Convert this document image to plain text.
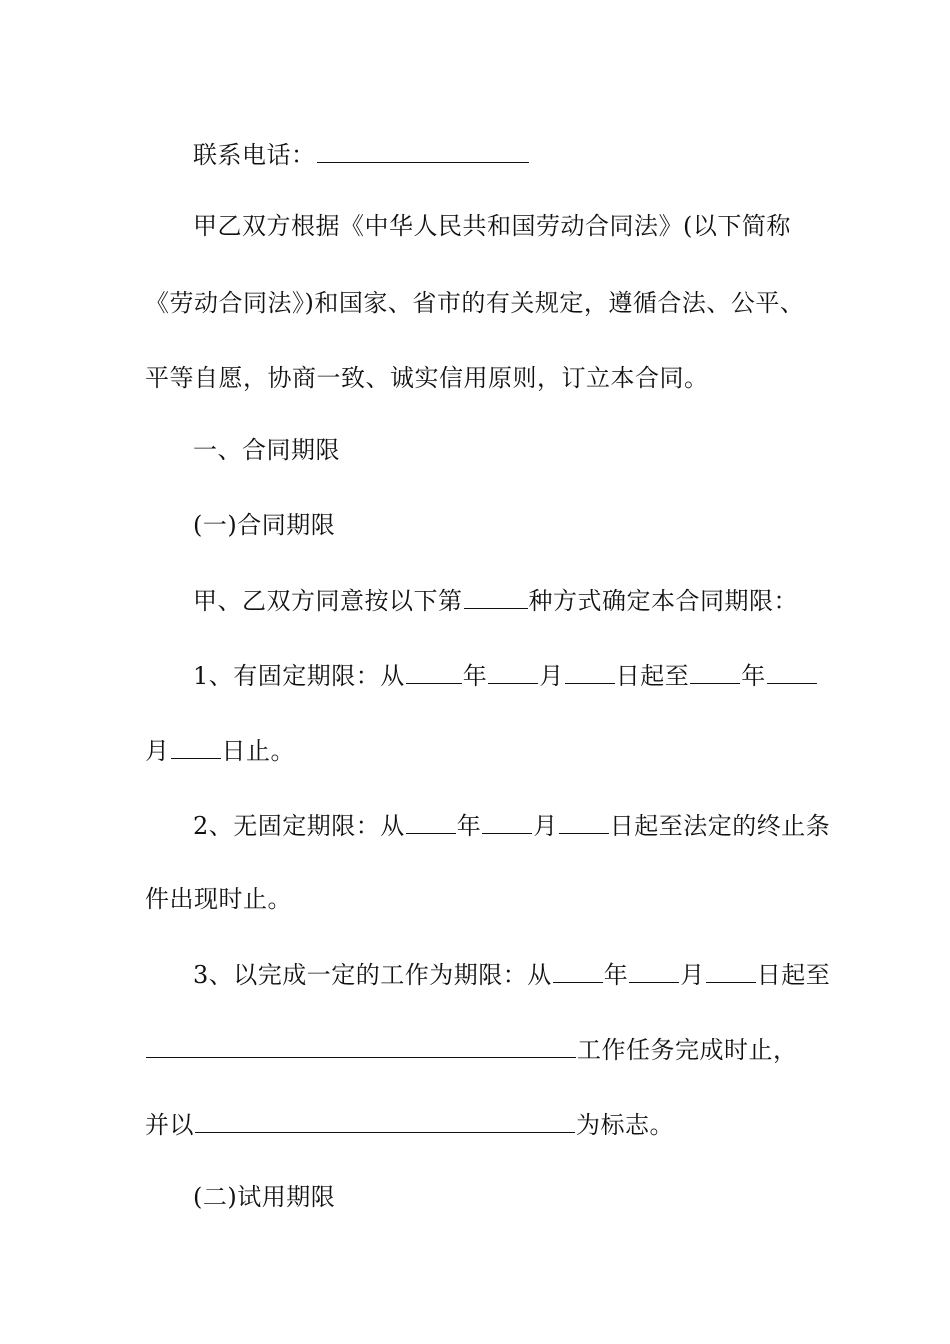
联系电话：
甲乙双方根据《中华人民共和国劳动合同法》(以下简称
《劳动合同法》)和国家、省市的有关规定，遵循合法、公平、
平等自愿，协商一致、诚实信用原则，订立本合同。
一、合同期限
(一)合同期限
甲、乙双方同意按以下第	种方式确定本合同期限：
1、有固定期限：从 年 月 日起至 年
月 日止。
2、无固定期限：从 年 月 日起至法定的终止条
件出现时止。
3、以完成一定的工作为期限：从 年 月 日起至
工作任务完成时止，
并以	为标志。
(二)试用期限
